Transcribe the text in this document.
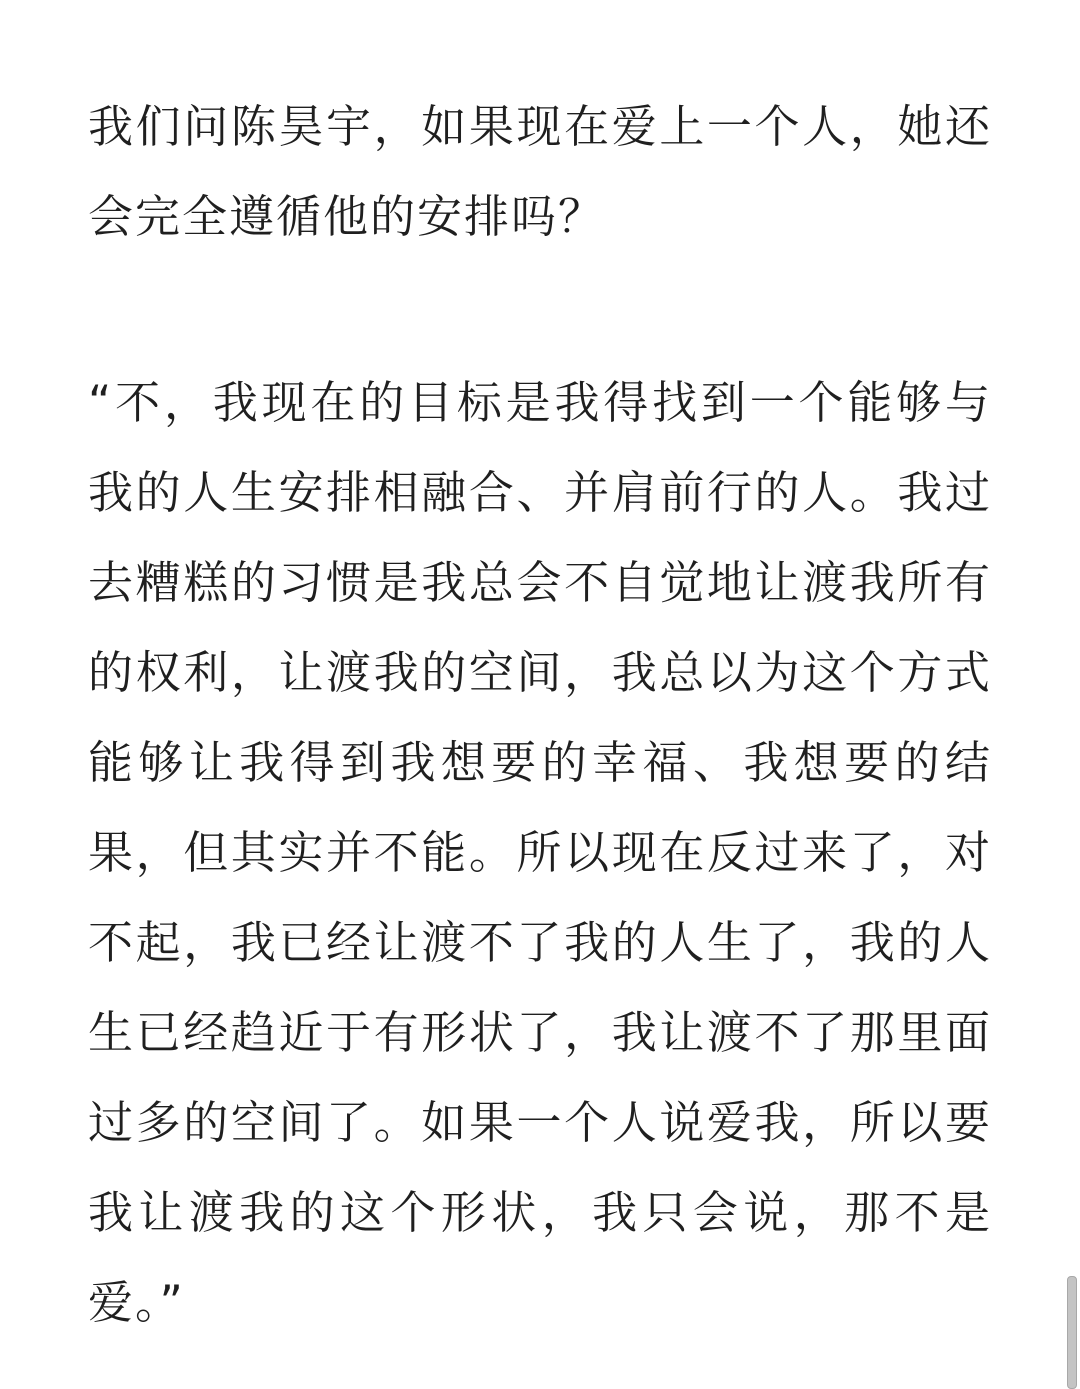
我们问陈昊宇，如果现在爱上一个人，她还会完全遵循他的安排吗？

“不，我现在的目标是我得找到一个能够与我的人生安排相融合、并肩前行的人。我过去糟糕的习惯是我总会不自觉地让渡我所有的权利，让渡我的空间，我总以为这个方式能够让我得到我想要的幸福、我想要的结果，但其实并不能。所以现在反过来了，对不起，我已经让渡不了我的人生了，我的人生已经趋近于有形状了，我让渡不了那里面过多的空间了。如果一个人说爱我，所以要我让渡我的这个形状，我只会说，那不是爱。”
